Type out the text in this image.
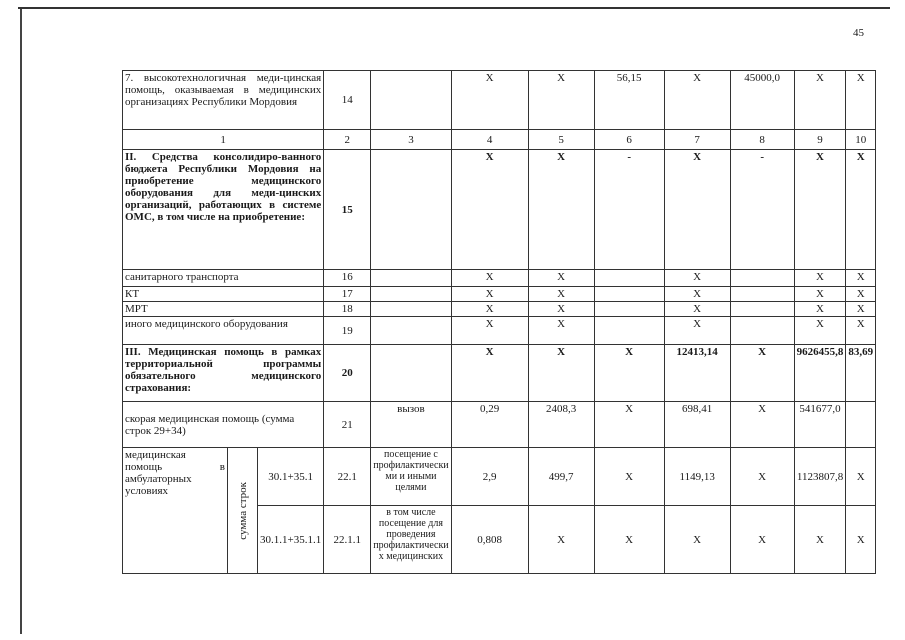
45
7. высокотехнологичная меди-цинская помощь, оказываемая в медицинских организациях Республики Мордовия			14		Х	Х	56,15	Х	45000,0	Х	Х
1			2	3	4	5	6	7	8	9	10
II. Средства консолидиро-ванного бюджета Республики Мордовия на приобретение медицинского оборудования для меди-цинских организаций, работающих в системе ОМС, в том числе на приобретение:			15		Х	Х	-	Х	-	Х	Х
санитарного транспорта			16		Х	Х		Х		Х	Х
КТ			17		Х	Х		Х		Х	Х
МРТ			18		Х	Х		Х		Х	Х
иного медицинского оборудования			19		Х	Х		Х		Х	Х
III. Медицинская помощь в рамках территориальной программы обязательного медицинского страхования:			20		Х	Х	Х	12413,14	Х	9626455,8	83,69
скорая медицинская помощь (сумма строк 29+34)			21	вызов	0,29	2408,3	Х	698,41	Х	541677,0	
медицинская помощь в амбулаторных условиях	сумма строк	30.1+35.1	22.1	посещение с профилактически ми и иными целями	2,9	499,7	Х	1149,13	Х	1123807,8	Х
		30.1.1+35.1.1	22.1.1	в том числе посещение для проведения профилактически х медицинских	0,808	Х	Х	Х	Х	Х	Х
